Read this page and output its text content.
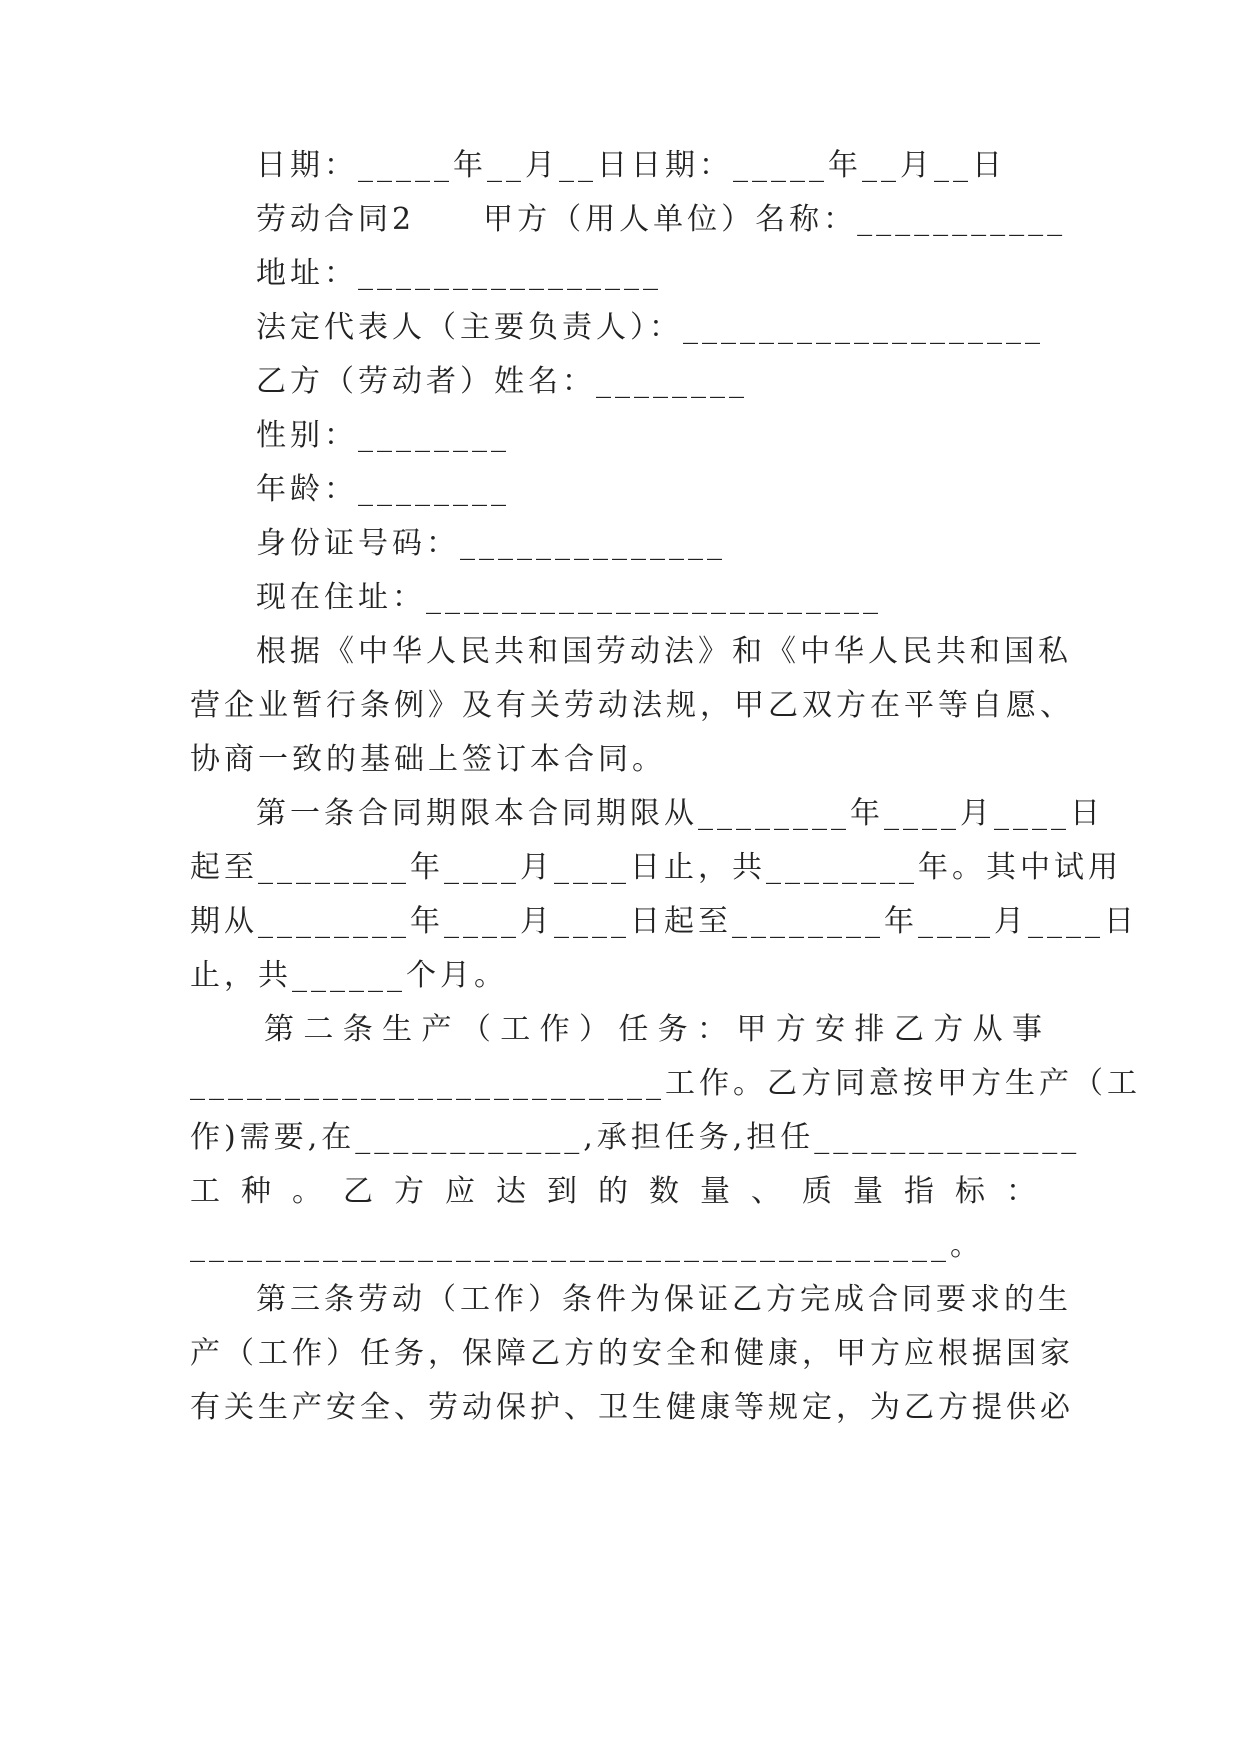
日期：_____年__月__日日期：_____年__月__日

劳动合同2　　甲方（用人单位）名称：___________

地址：________________

法定代表人（主要负责人）：___________________

乙方（劳动者）姓名：________

性别：________

年龄：________

身份证号码：______________

现在住址：________________________

根据《中华人民共和国劳动法》和《中华人民共和国私

营企业暂行条例》及有关劳动法规，甲乙双方在平等自愿、

协商一致的基础上签订本合同。

第一条合同期限本合同期限从________年____月____日

起至________年____月____日止，共________年。其中试用

期从________年____月____日起至________年____月____日

止，共______个月。

第二条生产（工作）任务：甲方安排乙方从事

_________________________工作。乙方同意按甲方生产（工

作)需要,在____________,承担任务,担任______________

工种。乙方应达到的数量、质量指标：

________________________________________。

第三条劳动（工作）条件为保证乙方完成合同要求的生

产（工作）任务，保障乙方的安全和健康，甲方应根据国家

有关生产安全、劳动保护、卫生健康等规定，为乙方提供必
